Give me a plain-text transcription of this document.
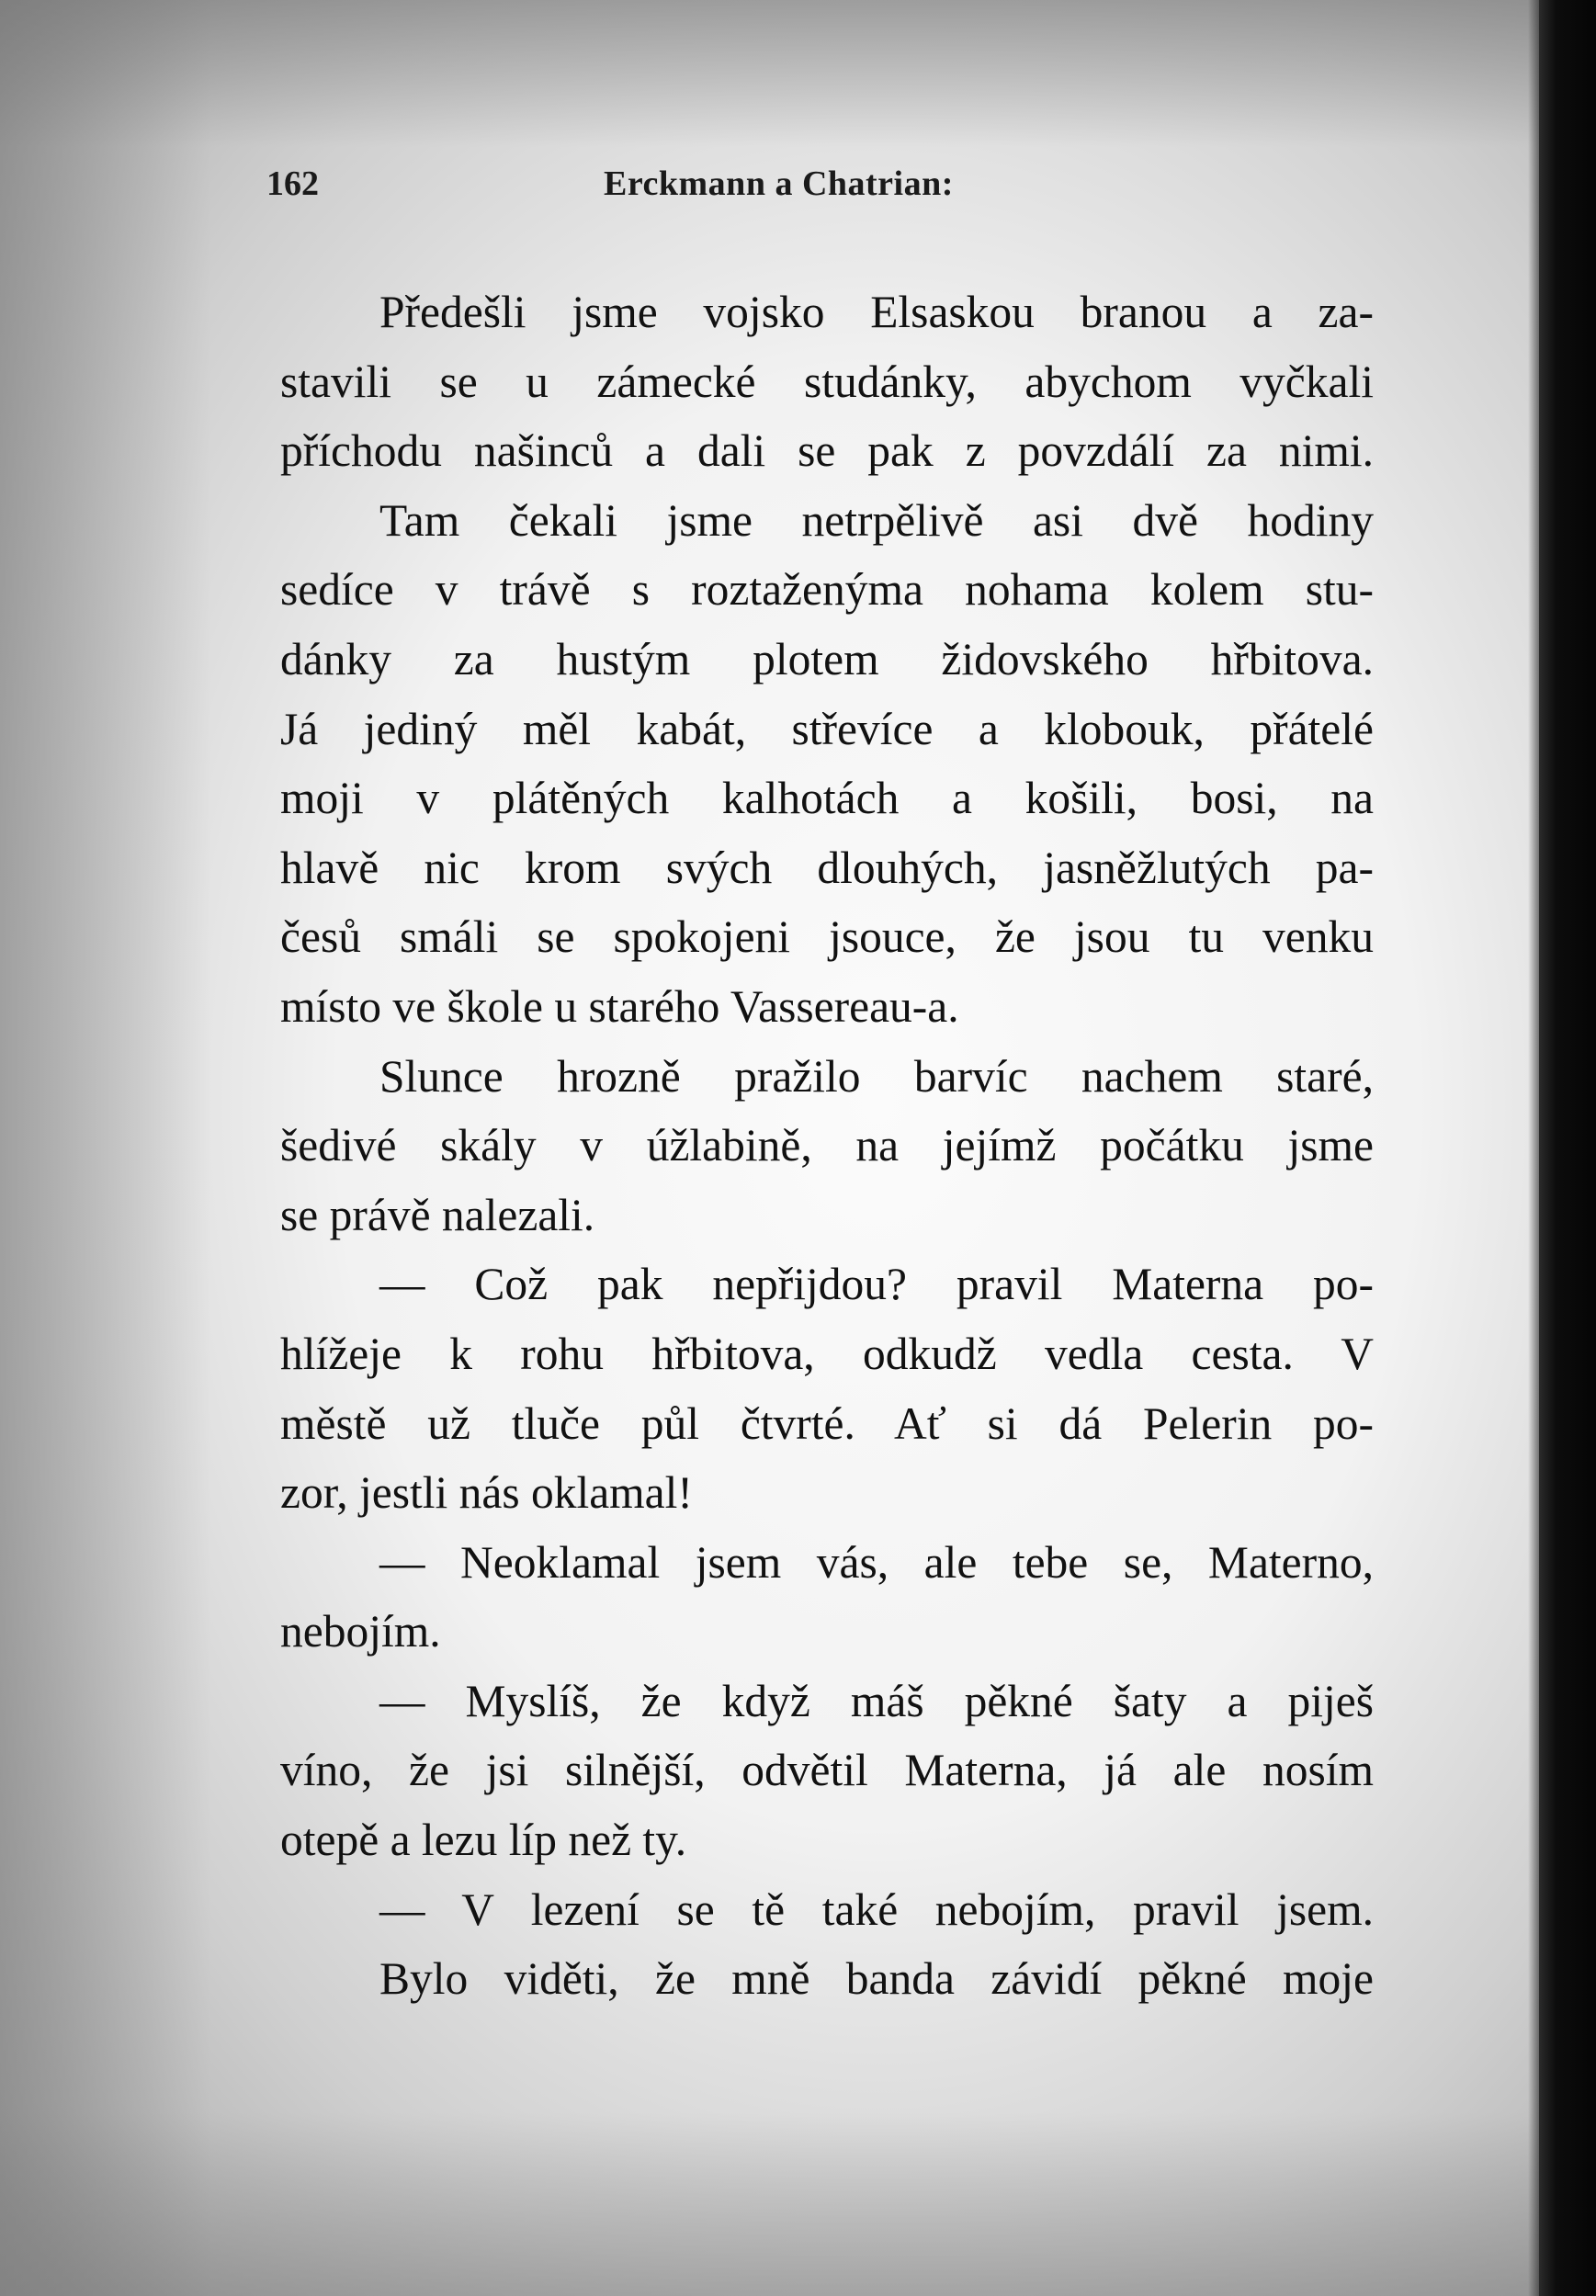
162	Erckmann a Chatrian:
Předešli jsme vojsko Elsaskou branou a za-
stavili se u zámecké studánky, abychom vyčkali
příchodu našinců a dali se pak z povzdálí za nimi.
Tam čekali jsme netrpělivě asi dvě hodiny
sedíce v trávě s roztaženýma nohama kolem stu-
dánky za hustým plotem židovského hřbitova.
Já jediný měl kabát, střevíce a klobouk, přátelé
moji v plátěných kalhotách a košili, bosi, na
hlavě nic krom svých dlouhých, jasněžlutých pa-
česů smáli se spokojeni jsouce, že jsou tu venku
místo ve škole u starého Vassereau-a.
Slunce hrozně pražilo barvíc nachem staré,
šedivé skály v úžlabině, na jejímž počátku jsme
se právě nalezali.
— Což pak nepřijdou? pravil Materna po-
hlížeje k rohu hřbitova, odkudž vedla cesta. V
městě už tluče půl čtvrté. Ať si dá Pelerin po-
zor, jestli nás oklamal!
— Neoklamal jsem vás, ale tebe se, Materno,
nebojím.
— Myslíš, že když máš pěkné šaty a piješ
víno, že jsi silnější, odvětil Materna, já ale nosím
otepě a lezu líp než ty.
— V lezení se tě také nebojím, pravil jsem.
Bylo viděti, že mně banda závidí pěkné moje
